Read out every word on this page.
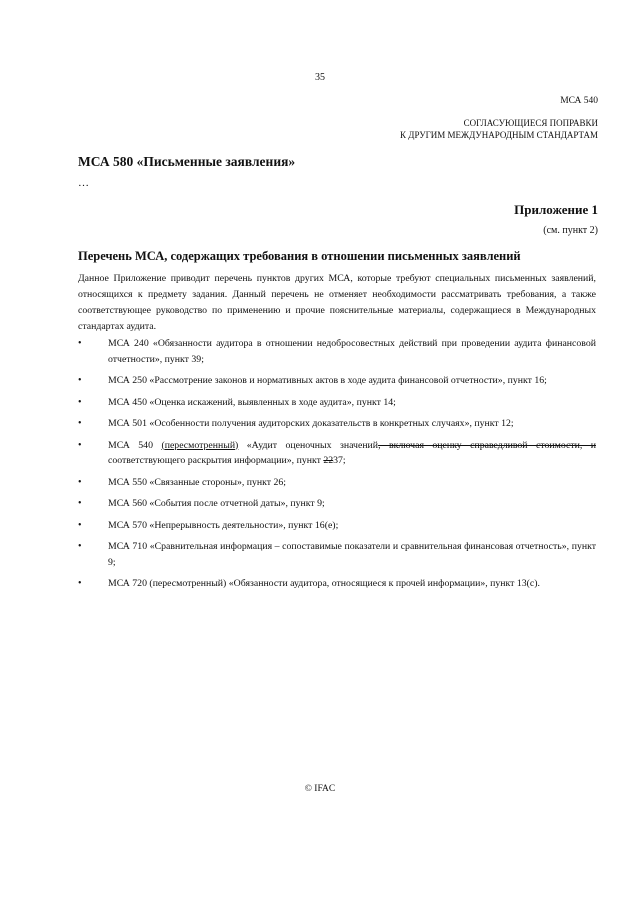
35
МСА 540
СОГЛАСУЮЩИЕСЯ ПОПРАВКИ
К ДРУГИМ МЕЖДУНАРОДНЫМ СТАНДАРТАМ
МСА 580 «Письменные заявления»
…
Приложение 1
(см. пункт 2)
Перечень МСА, содержащих требования в отношении письменных заявлений
Данное Приложение приводит перечень пунктов других МСА, которые требуют специальных письменных заявлений, относящихся к предмету задания. Данный перечень не отменяет необходимости рассматривать требования, а также соответствующее руководство по применению и прочие пояснительные материалы, содержащиеся в Международных стандартах аудита.
•	МСА 240 «Обязанности аудитора в отношении недобросовестных действий при проведении аудита финансовой отчетности», пункт 39;
•	МСА 250 «Рассмотрение законов и нормативных актов в ходе аудита финансовой отчетности», пункт 16;
•	МСА 450 «Оценка искажений, выявленных в ходе аудита», пункт 14;
•	МСА 501 «Особенности получения аудиторских доказательств в конкретных случаях», пункт 12;
•	МСА 540 (пересмотренный) «Аудит оценочных значений, включая оценку справедливой стоимости, и соответствующего раскрытия информации», пункт 2237;
•	МСА 550 «Связанные стороны», пункт 26;
•	МСА 560 «События после отчетной даты», пункт 9;
•	МСА 570 «Непрерывность деятельности», пункт 16(e);
•	МСА 710 «Сравнительная информация – сопоставимые показатели и сравнительная финансовая отчетность», пункт 9;
•	МСА 720 (пересмотренный) «Обязанности аудитора, относящиеся к прочей информации», пункт 13(c).
© IFAC
